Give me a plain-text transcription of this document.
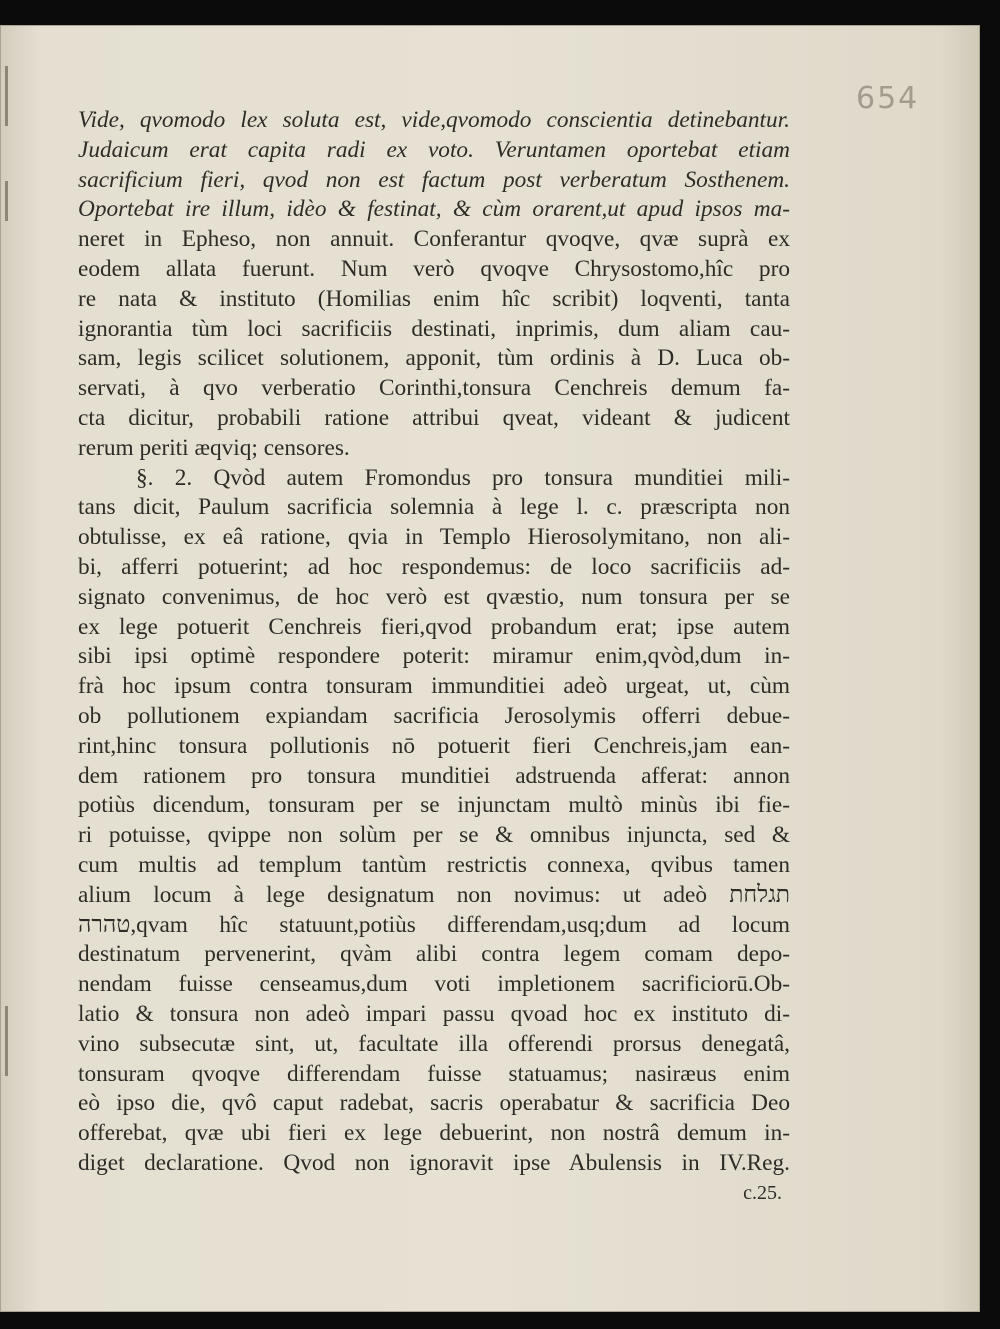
654
Vide, qvomodo lex soluta est, vide,qvomodo conscientia detinebantur.
Judaicum erat capita radi ex voto. Veruntamen oportebat etiam
sacrificium fieri, qvod non est factum post verberatum Sosthenem.
Oportebat ire illum, idèo & festinat, & cùm orarent,ut apud ipsos ma-
neret in Epheso, non annuit. Conferantur qvoqve, qvæ suprà ex
eodem allata fuerunt. Num verò qvoqve Chrysostomo,hîc pro
re nata & instituto (Homilias enim hîc scribit) loqventi, tanta
ignorantia tùm loci sacrificiis destinati, inprimis, dum aliam cau-
sam, legis scilicet solutionem, apponit, tùm ordinis à D. Luca ob-
servati, à qvo verberatio Corinthi,tonsura Cenchreis demum fa-
cta dicitur, probabili ratione attribui qveat, videant & judicent
rerum periti æqviq; censores.
§. 2. Qvòd autem Fromondus pro tonsura munditiei mili-
tans dicit, Paulum sacrificia solemnia à lege l. c. præscripta non
obtulisse, ex eâ ratione, qvia in Templo Hierosolymitano, non ali-
bi, afferri potuerint; ad hoc respondemus: de loco sacrificiis ad-
signato convenimus, de hoc verò est qvæstio, num tonsura per se
ex lege potuerit Cenchreis fieri,qvod probandum erat; ipse autem
sibi ipsi optimè respondere poterit: miramur enim,qvòd,dum in-
frà hoc ipsum contra tonsuram immunditiei adeò urgeat, ut, cùm
ob pollutionem expiandam sacrificia Jerosolymis offerri debue-
rint,hinc tonsura pollutionis nō potuerit fieri Cenchreis,jam ean-
dem rationem pro tonsura munditiei adstruenda afferat: annon
potiùs dicendum, tonsuram per se injunctam multò minùs ibi fie-
ri potuisse, qvippe non solùm per se & omnibus injuncta, sed &
cum multis ad templum tantùm restrictis connexa, qvibus tamen
alium locum à lege designatum non novimus: ut adeò תגלחת
טהרה,qvam hîc statuunt,potiùs differendam,usq;dum ad locum
destinatum pervenerint, qvàm alibi contra legem comam depo-
nendam fuisse censeamus,dum voti impletionem sacrificiorū.Ob-
latio & tonsura non adeò impari passu qvoad hoc ex instituto di-
vino subsecutæ sint, ut, facultate illa offerendi prorsus denegatâ,
tonsuram qvoqve differendam fuisse statuamus; nasiræus enim
eò ipso die, qvô caput radebat, sacris operabatur & sacrificia Deo
offerebat, qvæ ubi fieri ex lege debuerint, non nostrâ demum in-
diget declaratione. Qvod non ignoravit ipse Abulensis in IV.Reg.
c.25.
